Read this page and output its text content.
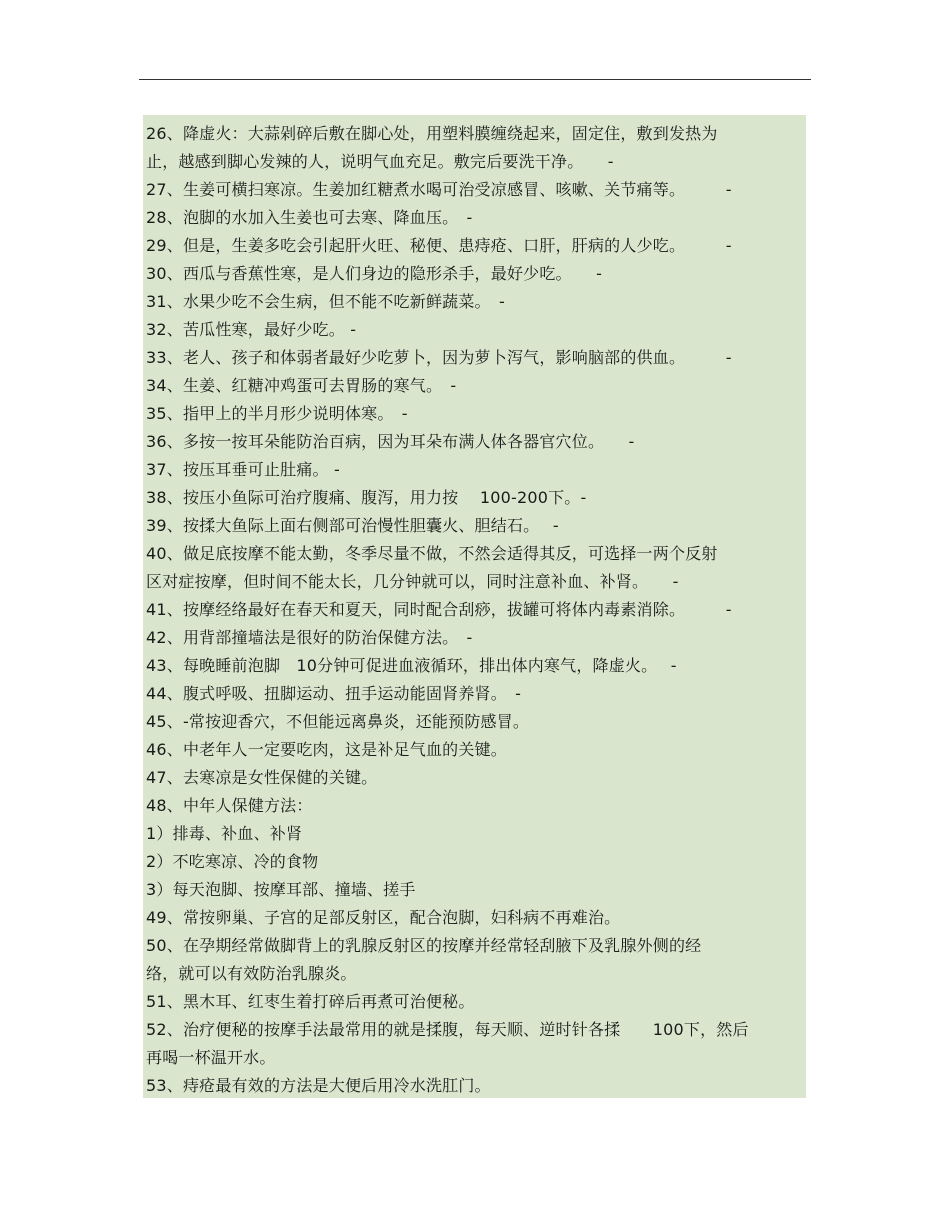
26、降虚火：大蒜剁碎后敷在脚心处，用塑料膜缠绕起来，固定住，敷到发热为
止，越感到脚心发辣的人，说明气血充足。敷完后要洗干净。　　-
27、生姜可横扫寒凉。生姜加红糖煮水喝可治受凉感冒、咳嗽、关节痛等。　　　-
28、泡脚的水加入生姜也可去寒、降血压。　-
29、但是，生姜多吃会引起肝火旺、秘便、患痔疮、口肝，肝病的人少吃。　　　-
30、西瓜与香蕉性寒，是人们身边的隐形杀手，最好少吃。　　-
31、水果少吃不会生病，但不能不吃新鲜蔬菜。　-
32、苦瓜性寒，最好少吃。 -
33、老人、孩子和体弱者最好少吃萝卜，因为萝卜泻气，影响脑部的供血。　　　-
34、生姜、红糖冲鸡蛋可去胃肠的寒气。　-
35、指甲上的半月形少说明体寒。　-
36、多按一按耳朵能防治百病，因为耳朵布满人体各器官穴位。　　-
37、按压耳垂可止肚痛。 -
38、按压小鱼际可治疗腹痛、腹泻，用力按　 100-200下。-
39、按揉大鱼际上面右侧部可治慢性胆囊火、胆结石。　 -
40、做足底按摩不能太勤，冬季尽量不做，不然会适得其反，可选择一两个反射
区对症按摩，但时间不能太长，几分钟就可以，同时注意补血、补肾。　　-
41、按摩经络最好在春天和夏天，同时配合刮痧，拔罐可将体内毒素消除。　　　-
42、用背部撞墙法是很好的防治保健方法。　-
43、每晚睡前泡脚　10分钟可促进血液循环，排出体内寒气，降虚火。　 -
44、腹式呼吸、扭脚运动、扭手运动能固肾养肾。　-
45、-常按迎香穴，不但能远离鼻炎，还能预防感冒。
46、中老年人一定要吃肉，这是补足气血的关键。
47、去寒凉是女性保健的关键。
48、中年人保健方法：
1）排毒、补血、补肾
2）不吃寒凉、冷的食物
3）每天泡脚、按摩耳部、撞墙、搓手
49、常按卵巢、子宫的足部反射区，配合泡脚，妇科病不再难治。
50、在孕期经常做脚背上的乳腺反射区的按摩并经常轻刮腋下及乳腺外侧的经
络，就可以有效防治乳腺炎。
51、黑木耳、红枣生着打碎后再煮可治便秘。
52、治疗便秘的按摩手法最常用的就是揉腹，每天顺、逆时针各揉　　100下，然后
再喝一杯温开水。
53、痔疮最有效的方法是大便后用冷水洗肛门。
